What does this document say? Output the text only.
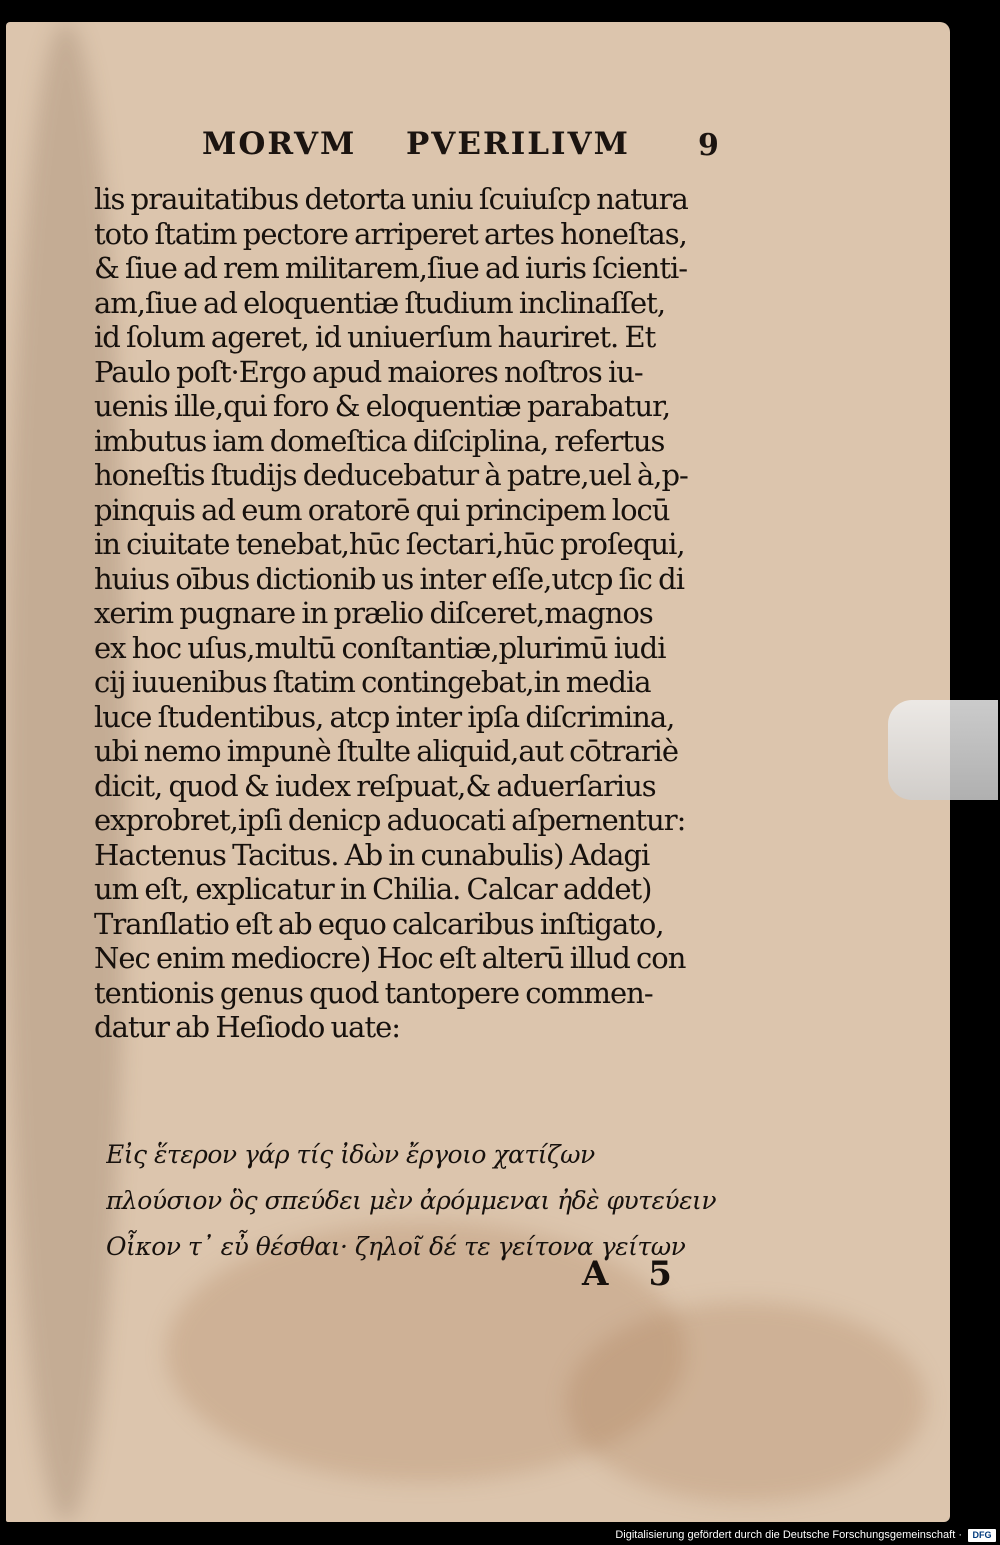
MORVM PVERILIVM 9
lis prauitatibus detorta uniu ſcuiuſcp natura
toto ſtatim pectore arriperet artes honeſtas,
& ſiue ad rem militarem,ſiue ad iuris ſcienti-
am,ſiue ad eloquentiæ ſtudium inclinaſſet,
id ſolum ageret, id uniuerſum hauriret. Et
Paulo poſt·Ergo apud maiores noſtros iu-
uenis ille,qui foro & eloquentiæ parabatur,
imbutus iam domeſtica diſciplina, refertus
honeſtis ſtudijs deducebatur à patre,uel à,p-
pinquis ad eum oratorē qui principem locū
in ciuitate tenebat,hūc ſectari,hūc proſequi,
huius oībus dictionib us inter eſſe,utcp ſic di
xerim pugnare in prælio diſceret,magnos
ex hoc uſus,multū conſtantiæ,plurimū iudi
cij iuuenibus ſtatim contingebat,in media
luce ſtudentibus, atcp inter ipſa diſcrimina,
ubi nemo impunè ſtulte aliquid,aut cōtrariè
dicit, quod & iudex reſpuat,& aduerſarius
exprobret,ipſi denicp aduocati aſpernentur:
Hactenus Tacitus. Ab in cunabulis) Adagi
um eſt, explicatur in Chilia. Calcar addet)
Tranſlatio eſt ab equo calcaribus inſtigato,
Nec enim mediocre) Hoc eſt alterū illud con
tentionis genus quod tantopere commen-
datur ab Heſiodo uate:
Εἰς ἕτερον γάρ τίς ἰδὼν ἔργοιο χατίζων
πλούσιον ὃς σπεύδει μὲν ἀρόμμεναι ἠδὲ φυτεύειν
Οἶκον τ᾽ εὖ θέσθαι· ζηλοῖ δέ τε γείτονα γείτων
A 5
Digitalisierung gefördert durch die Deutsche Forschungsgemeinschaft ·	DFG
